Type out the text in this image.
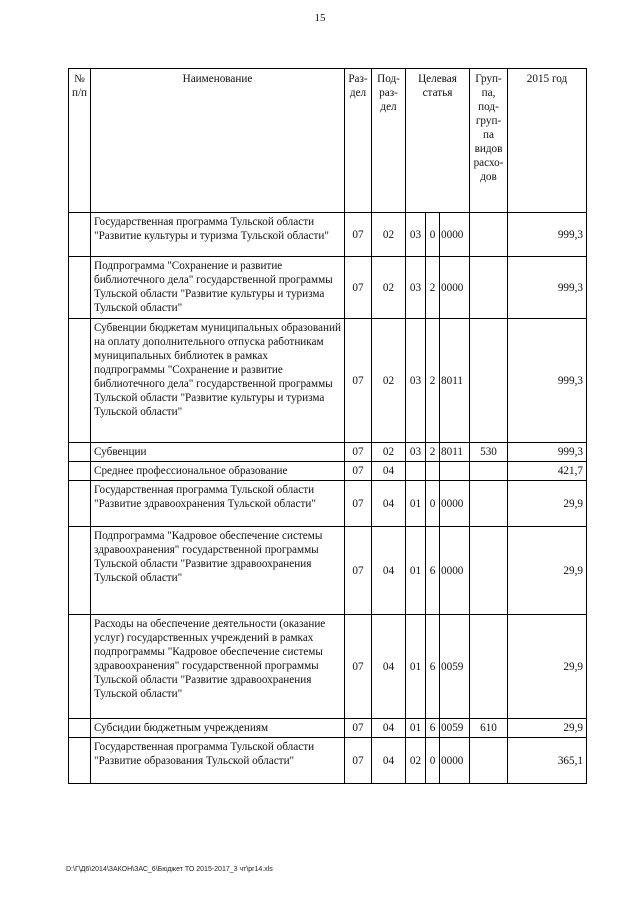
15
№ п/п	Наименование	Раз-дел	Под-раз-дел	Целевая статья			Груп-па, под-груп-па видов расхо-дов	2015 год
	Государственная программа Тульской области "Развитие культуры и туризма Тульской области"	07	02	03	0	0000		999,3
	Подпрограмма "Сохранение и развитие библиотечного дела" государственной программы Тульской области "Развитие культуры и туризма Тульской области"	07	02	03	2	0000		999,3
	Субвенции бюджетам муниципальных образований на оплату дополнительного отпуска работникам муниципальных библиотек в рамках подпрограммы "Сохранение и развитие библиотечного дела" государственной программы Тульской области "Развитие культуры и туризма Тульской области"	07	02	03	2	8011		999,3
	Субвенции	07	02	03	2	8011	530	999,3
	Среднее профессиональное образование	07	04					421,7
	Государственная программа Тульской области "Развитие здравоохранения Тульской области"	07	04	01	0	0000		29,9
	Подпрограмма "Кадровое обеспечение системы здравоохранения" государственной программы Тульской области "Развитие здравоохранения Тульской области"	07	04	01	6	0000		29,9
	Расходы на обеспечение деятельности (оказание услуг) государственных учреждений в рамках подпрограммы "Кадровое обеспечение системы здравоохранения" государственной программы Тульской области "Развитие здравоохранения Тульской области"	07	04	01	6	0059		29,9
	Субсидии бюджетным учреждениям	07	04	01	6	0059	610	29,9
	Государственная программа Тульской области "Развитие образования Тульской области"	07	04	02	0	0000		365,1
D:\Г\Д6\2014\ЗАКОН\ЗАС_6\Бюджет ТО 2015-2017_3 чт\pr14.xls
